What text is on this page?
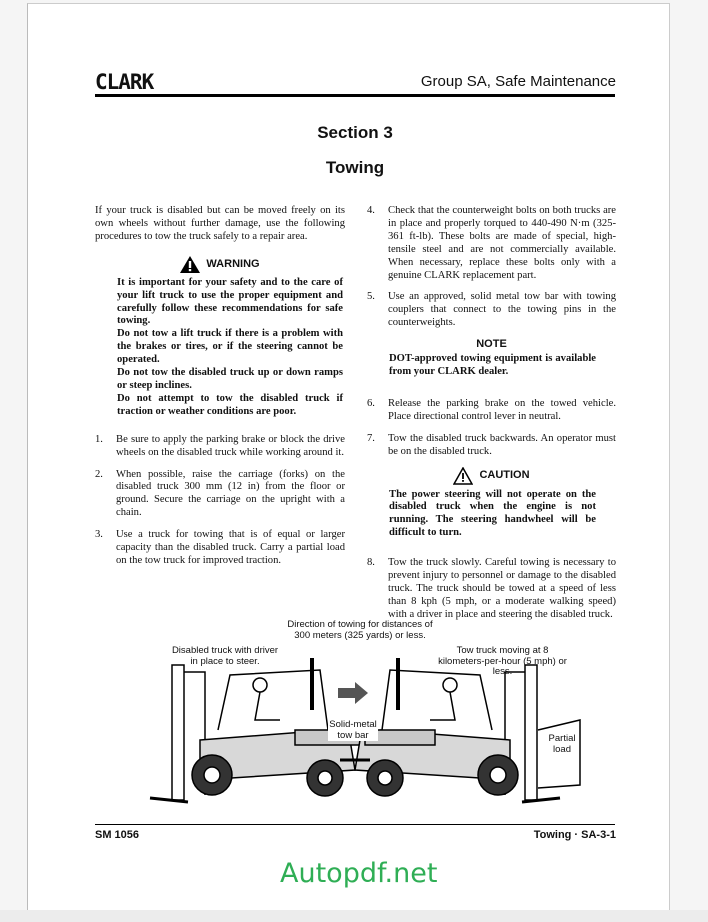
CLARK	Group SA, Safe Maintenance
Section 3
Towing

If your truck is disabled but can be moved freely on its own wheels without further damage, use the following procedures to tow the truck safely to a repair area.

WARNING

It is important for your safety and to the care of your lift truck to use the proper equipment and carefully follow these recommendations for safe towing.

Do not tow a lift truck if there is a problem with the brakes or tires, or if the steering cannot be operated.

Do not tow the disabled truck up or down ramps or steep inclines.

Do not attempt to tow the disabled truck if traction or weather conditions are poor.

1.	Be sure to apply the parking brake or block the drive wheels on the disabled truck while working around it.
2.	When possible, raise the carriage (forks) on the disabled truck 300 mm (12 in) from the floor or ground. Secure the carriage on the upright with a chain.
3.	Use a truck for towing that is of equal or larger capacity than the disabled truck. Carry a partial load on the tow truck for improved traction.
4.	Check that the counterweight bolts on both trucks are in place and properly torqued to 440-490 N·m (325-361 ft-lb). These bolts are made of special, high-tensile steel and are not commercially available. When necessary, replace these bolts only with a genuine CLARK replacement part.
5.	Use an approved, solid metal tow bar with towing couplers that connect to the towing pins in the counterweights.
NOTE

DOT-approved towing equipment is available from your CLARK dealer.

6.	Release the parking brake on the towed vehicle. Place directional control lever in neutral.
7.	Tow the disabled truck backwards. An operator must be on the disabled truck.
CAUTION

The power steering will not operate on the disabled truck when the engine is not running. The steering handwheel will be difficult to turn.

8.	Tow the truck slowly. Careful towing is necessary to prevent injury to personnel or damage to the disabled truck. The truck should be towed at a speed of less than 8 kph (5 mph, or a moderate walking speed) with a driver in place and steering the disabled truck.
Autopdf.net
Direction of towing for distances of 300 meters (325 yards) or less.
Disabled truck with driver in place to steer.
Tow truck moving at 8 kilometers-per-hour (5 mph) or less.
Solid-metal tow bar	Partial load
SM 1056	Towing · SA-3-1
